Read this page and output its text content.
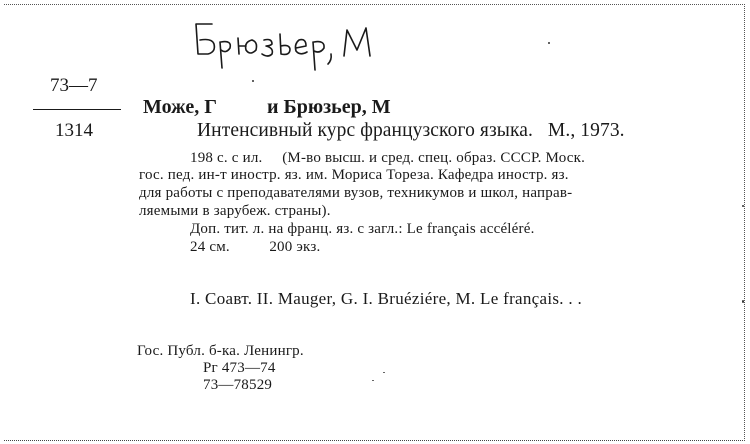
73—7
1314
Може, Г          и Брюзьер, М
Интенсивный курс французского языка.   М., 1973.
198 с. с ил.     (М-во высш. и сред. спец. образ. СССР. Моск.
гос. пед. ин-т иностр. яз. им. Мориса Тореза. Кафедра иностр. яз.
для работы с преподавателями вузов, техникумов и школ, направ-
ляемыми в зарубеж. страны).
Доп. тит. л. на франц. яз. с загл.: Le français accéléré.
24 см.          200 экз.
I. Соавт. II. Mauger, G. I. Bruéziére, M. Le français. . .
Гос. Публ. б-ка. Ленингр.
Рг 473—74
73—78529
